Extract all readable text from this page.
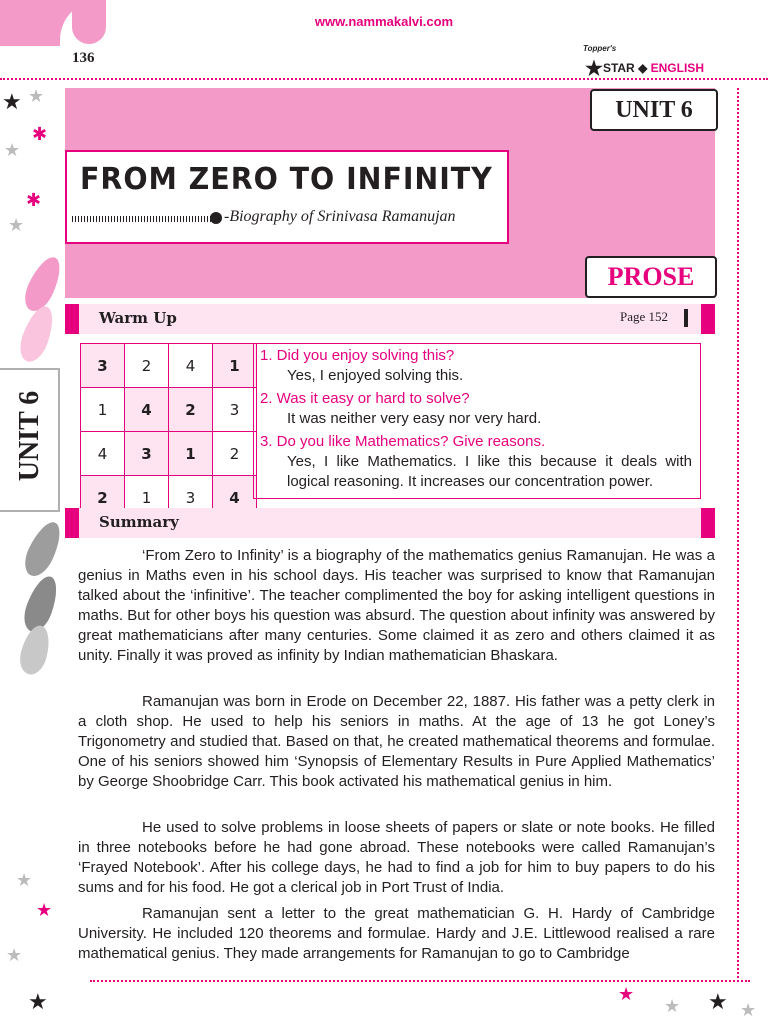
www.nammakalvi.com
136
Topper's
★STAR ◆ ENGLISH
UNIT 6
FROM ZERO TO INFINITY
-Biography of Srinivasa Ramanujan
PROSE
Warm Up	Page 152
3	2	4	1
1	4	2	3
4	3	1	2
2	1	3	4
1. Did you enjoy solving this?
Yes, I enjoyed solving this.
2. Was it easy or hard to solve?
It was neither very easy nor very hard.
3. Do you like Mathematics? Give reasons.
Yes, I like Mathematics. I like this because it deals with logical reasoning. It increases our concentration power.
Summary
‘From Zero to Infinity’ is a biography of the mathematics genius Ramanujan. He was a genius in Maths even in his school days. His teacher was surprised to know that Ramanujan talked about the ‘infinitive’. The teacher complimented the boy for asking intelligent questions in maths. But for other boys his question was absurd. The question about infinity was answered by great mathematicians after many centuries. Some claimed it as zero and others claimed it as unity. Finally it was proved as infinity by Indian mathematician Bhaskara.
Ramanujan was born in Erode on December 22, 1887. His father was a petty clerk in a cloth shop. He used to help his seniors in maths. At the age of 13 he got Loney’s Trigonometry and studied that. Based on that, he created mathematical theorems and formulae. One of his seniors showed him ‘Synopsis of Elementary Results in Pure Applied Mathematics’ by George Shoobridge Carr. This book activated his mathematical genius in him.
He used to solve problems in loose sheets of papers or slate or note books. He filled in three notebooks before he had gone abroad. These notebooks were called Ramanujan’s ‘Frayed Notebook’. After his college days, he had to find a job for him to buy papers to do his sums and for his food. He got a clerical job in Port Trust of India.
Ramanujan sent a letter to the great mathematician G. H. Hardy of Cambridge University. He included 120 theorems and formulae. Hardy and J.E. Littlewood realised a rare mathematical genius. They made arrangements for Ramanujan to go to Cambridge
UNIT 6
★ ★
✱
★
✱
★
★
★
★
★	★
★ ★ ★
